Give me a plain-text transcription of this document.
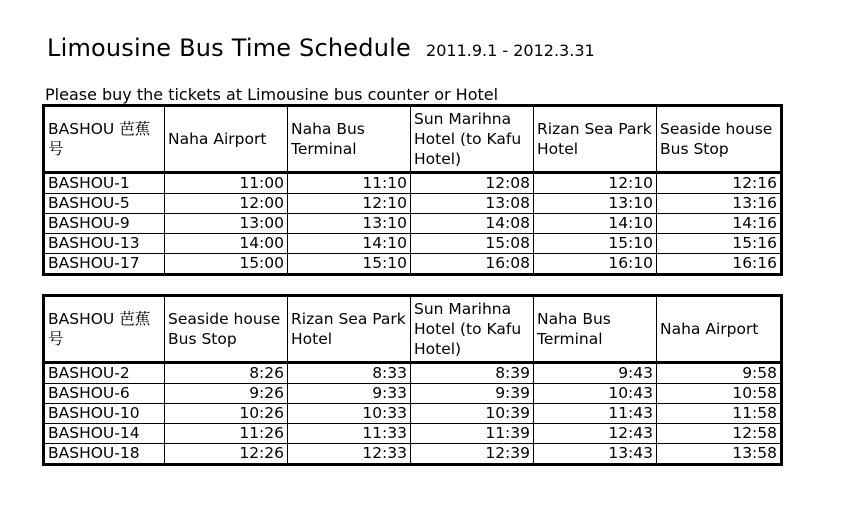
Limousine Bus Time Schedule 2011.9.1 - 2012.3.31
Please buy the tickets at Limousine bus counter or Hotel
BASHOU 芭蕉号	Naha Airport	Naha Bus Terminal	Sun Marihna Hotel (to Kafu Hotel)	Rizan Sea Park Hotel	Seaside house Bus Stop
BASHOU-1	11:00	11:10	12:08	12:10	12:16
BASHOU-5	12:00	12:10	13:08	13:10	13:16
BASHOU-9	13:00	13:10	14:08	14:10	14:16
BASHOU-13	14:00	14:10	15:08	15:10	15:16
BASHOU-17	15:00	15:10	16:08	16:10	16:16
BASHOU 芭蕉号	Seaside house Bus Stop	Rizan Sea Park Hotel	Sun Marihna Hotel (to Kafu Hotel)	Naha Bus Terminal	Naha Airport
BASHOU-2	8:26	8:33	8:39	9:43	9:58
BASHOU-6	9:26	9:33	9:39	10:43	10:58
BASHOU-10	10:26	10:33	10:39	11:43	11:58
BASHOU-14	11:26	11:33	11:39	12:43	12:58
BASHOU-18	12:26	12:33	12:39	13:43	13:58
